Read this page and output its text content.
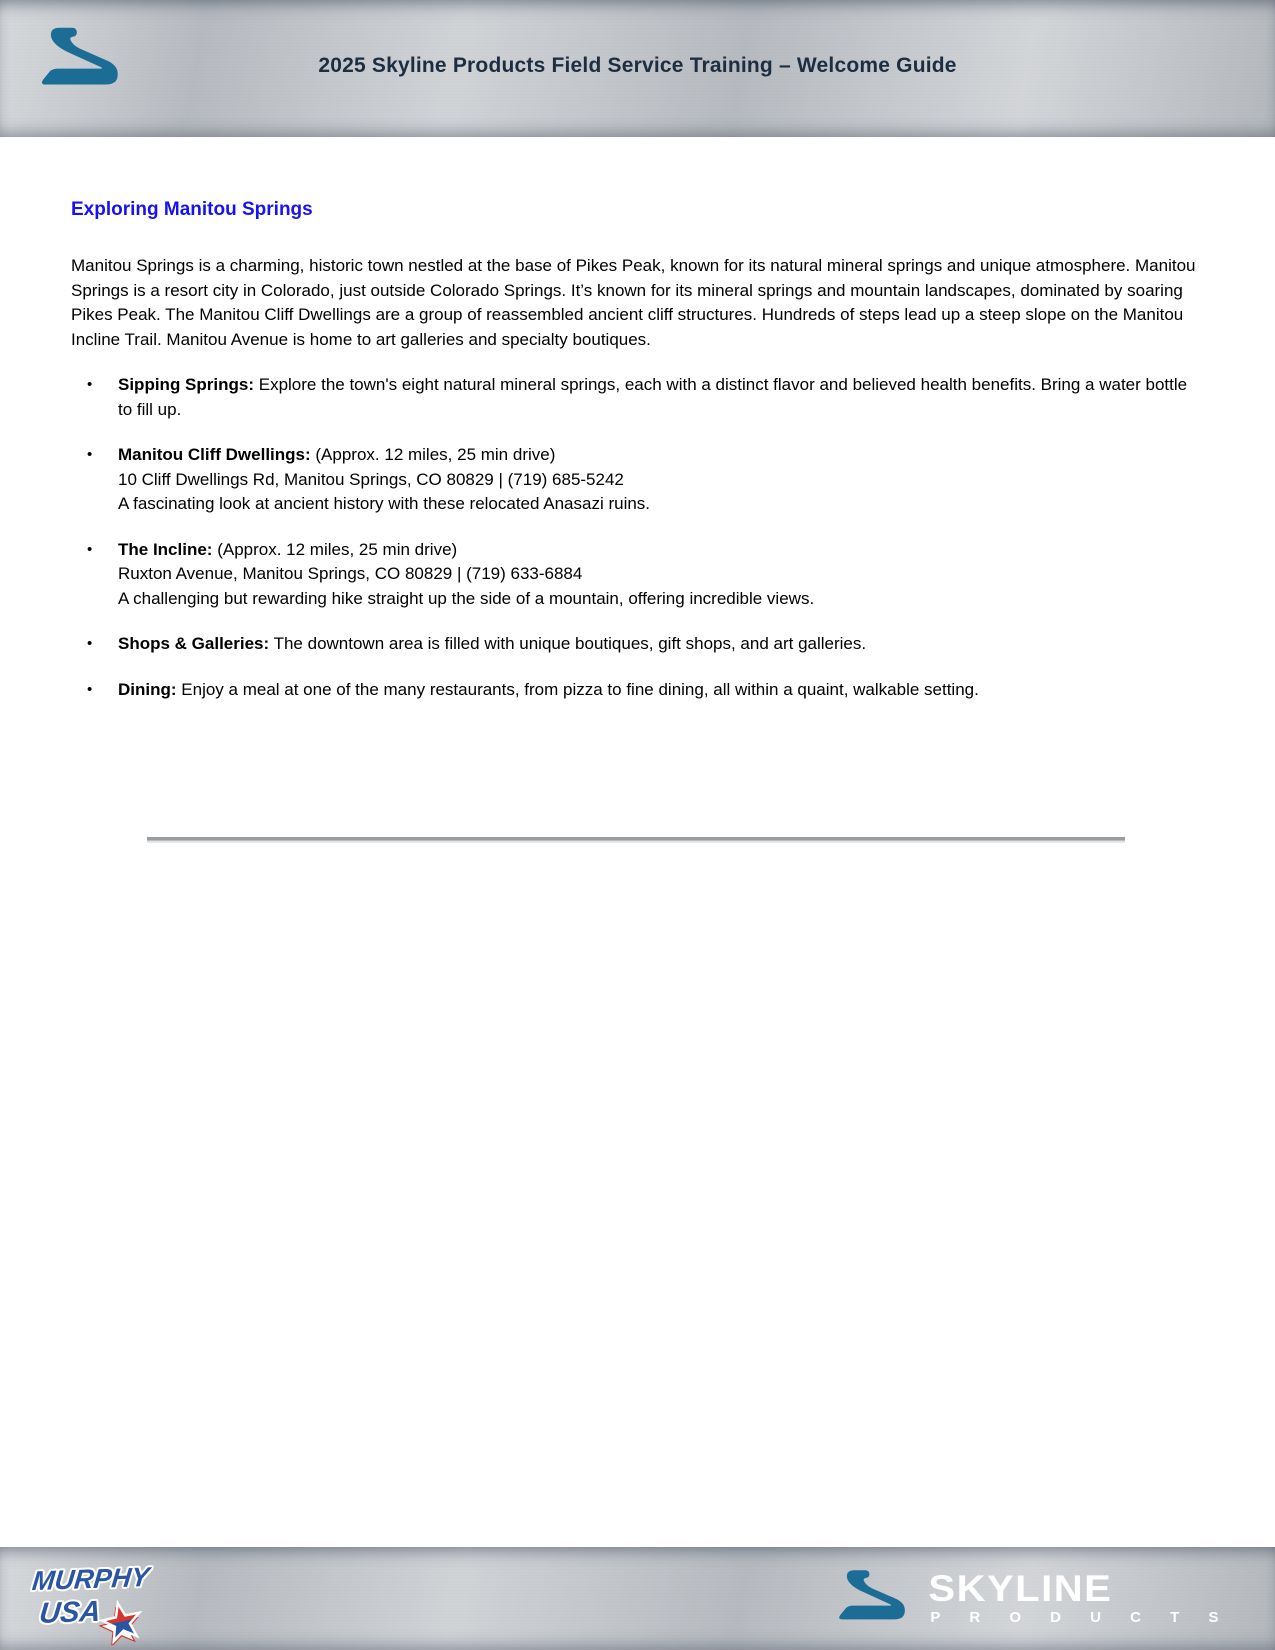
2025 Skyline Products Field Service Training – Welcome Guide
Exploring Manitou Springs

Manitou Springs is a charming, historic town nestled at the base of Pikes Peak, known for its natural mineral springs and unique atmosphere. Manitou Springs is a resort city in Colorado, just outside Colorado Springs. It’s known for its mineral springs and mountain landscapes, dominated by soaring Pikes Peak. The Manitou Cliff Dwellings are a group of reassembled ancient cliff structures. Hundreds of steps lead up a steep slope on the Manitou Incline Trail. Manitou Avenue is home to art galleries and specialty boutiques.

•	Sipping Springs: Explore the town's eight natural mineral springs, each with a distinct flavor and believed health benefits. Bring a water bottle to fill up.
•	Manitou Cliff Dwellings: (Approx. 12 miles, 25 min drive)
10 Cliff Dwellings Rd, Manitou Springs, CO 80829 | (719) 685-5242
A fascinating look at ancient history with these relocated Anasazi ruins.
•	The Incline: (Approx. 12 miles, 25 min drive)
Ruxton Avenue, Manitou Springs, CO 80829 | (719) 633-6884
A challenging but rewarding hike straight up the side of a mountain, offering incredible views.
•	Shops & Galleries: The downtown area is filled with unique boutiques, gift shops, and art galleries.
•	Dining: Enjoy a meal at one of the many restaurants, from pizza to fine dining, all within a quaint, walkable setting.
MURPHY
USA
SKYLINE
P R O D U C T S
